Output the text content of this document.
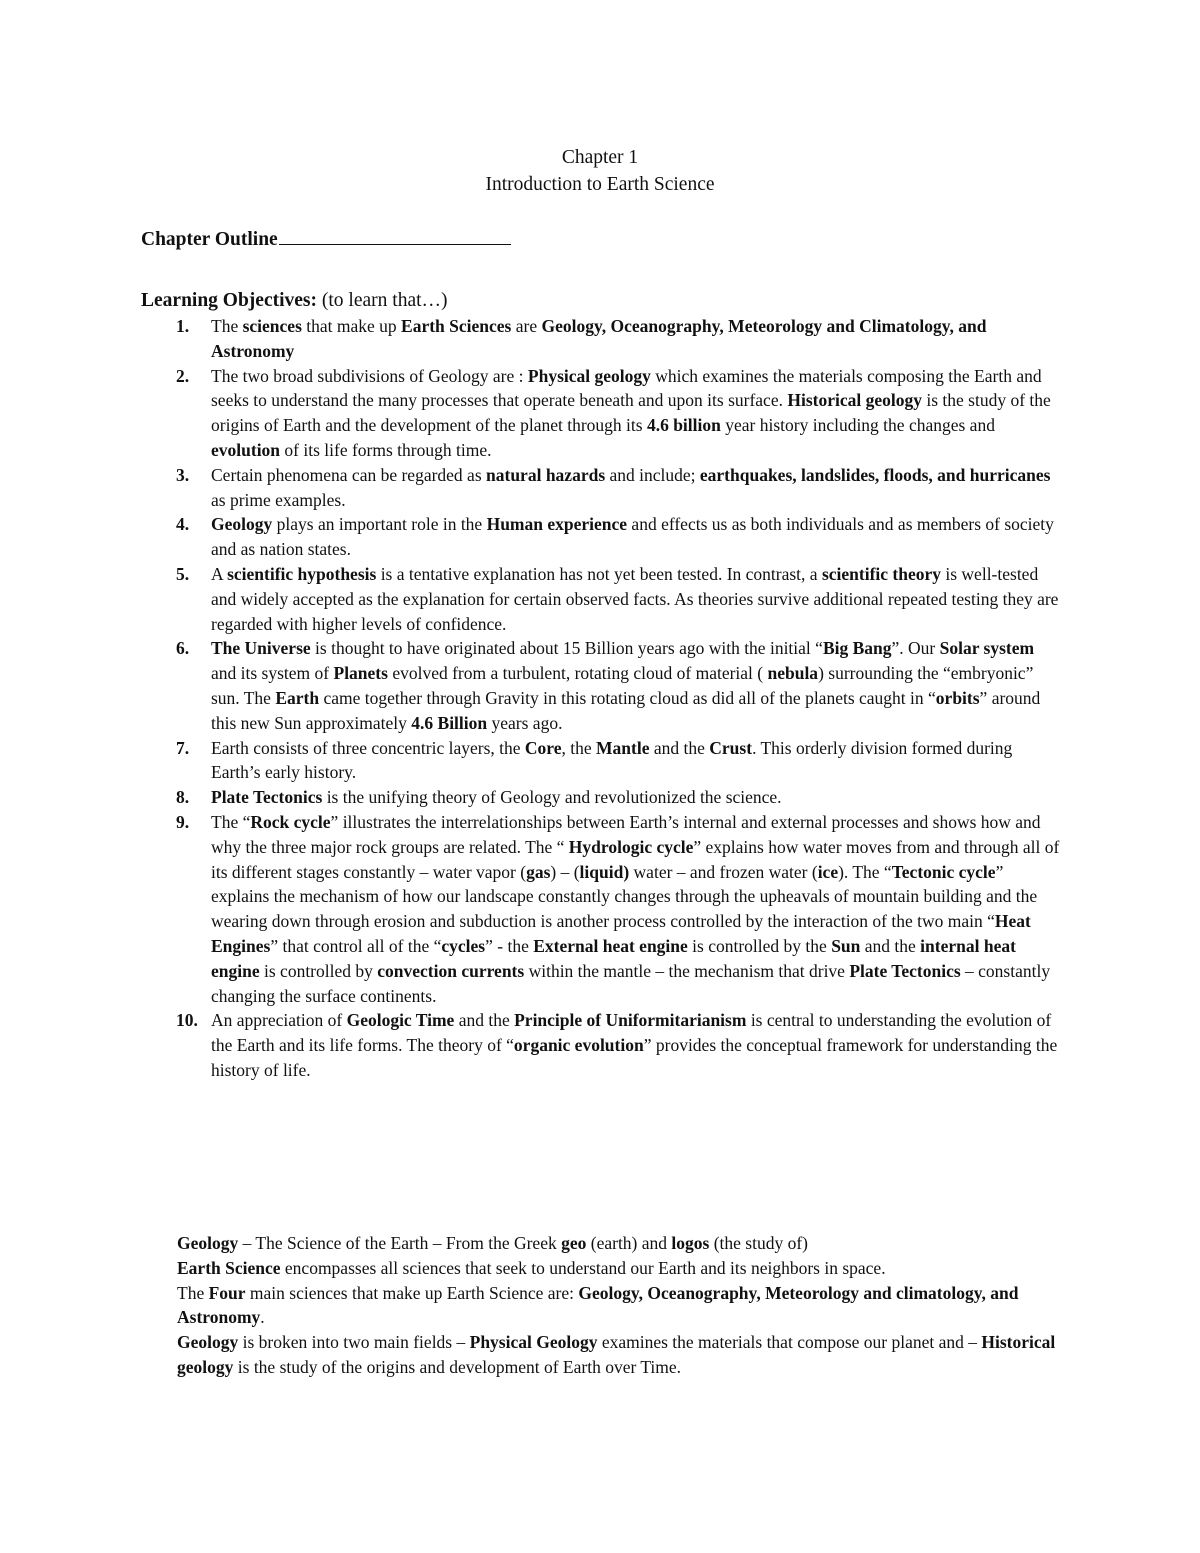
Chapter 1
Introduction to Earth Science
Chapter Outline
Learning Objectives: (to learn that…)
1. The sciences that make up Earth Sciences are Geology, Oceanography, Meteorology and Climatology, and Astronomy
2. The two broad subdivisions of Geology are : Physical geology which examines the materials composing the Earth and seeks to understand the many processes that operate beneath and upon its surface. Historical geology is the study of the origins of Earth and the development of the planet through its 4.6 billion year history including the changes and evolution of its life forms through time.
3. Certain phenomena can be regarded as natural hazards and include; earthquakes, landslides, floods, and hurricanes as prime examples.
4. Geology plays an important role in the Human experience and effects us as both individuals and as members of society and as nation states.
5. A scientific hypothesis is a tentative explanation has not yet been tested. In contrast, a scientific theory is well-tested and widely accepted as the explanation for certain observed facts. As theories survive additional repeated testing they are regarded with higher levels of confidence.
6. The Universe is thought to have originated about 15 Billion years ago with the initial “Big Bang”. Our Solar system and its system of Planets evolved from a turbulent, rotating cloud of material ( nebula) surrounding the “embryonic” sun. The Earth came together through Gravity in this rotating cloud as did all of the planets caught in “orbits” around this new Sun approximately 4.6 Billion years ago.
7. Earth consists of three concentric layers, the Core, the Mantle and the Crust. This orderly division formed during Earth’s early history.
8. Plate Tectonics is the unifying theory of Geology and revolutionized the science.
9. The “Rock cycle” illustrates the interrelationships between Earth’s internal and external processes and shows how and why the three major rock groups are related. The “ Hydrologic cycle” explains how water moves from and through all of its different stages constantly – water vapor (gas) – (liquid) water – and frozen water (ice). The “Tectonic cycle” explains the mechanism of how our landscape constantly changes through the upheavals of mountain building and the wearing down through erosion and subduction is another process controlled by the interaction of the two main “Heat Engines” that control all of the “cycles” - the External heat engine is controlled by the Sun and the internal heat engine is controlled by convection currents within the mantle – the mechanism that drive Plate Tectonics – constantly changing the surface continents.
10. An appreciation of Geologic Time and the Principle of Uniformitarianism is central to understanding the evolution of the Earth and its life forms. The theory of “organic evolution” provides the conceptual framework for understanding the history of life.

Geology – The Science of the Earth – From the Greek geo (earth) and logos (the study of)

Earth Science encompasses all sciences that seek to understand our Earth and its neighbors in space.

The Four main sciences that make up Earth Science are: Geology, Oceanography, Meteorology and climatology, and Astronomy.

Geology is broken into two main fields – Physical Geology examines the materials that compose our planet and – Historical geology is the study of the origins and development of Earth over Time.
